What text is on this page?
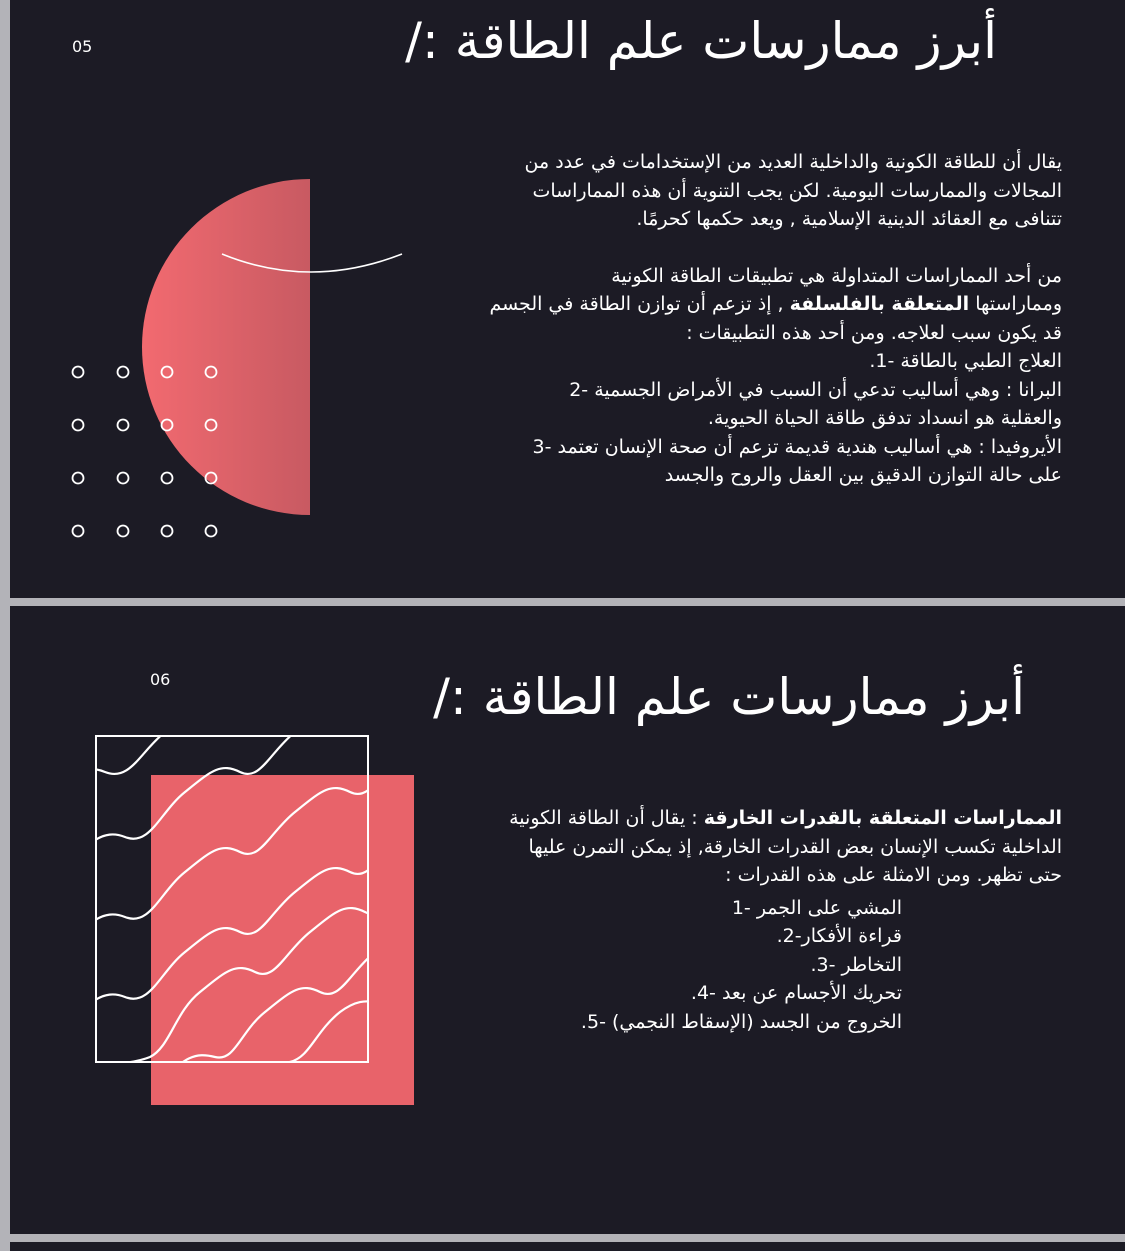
05	أبرز ممارسات علم الطاقة :/

يقال أن للطاقة الكونية والداخلية العديد من الإستخدامات في عدد من

المجالات والممارسات اليومية. لكن يجب التنوية أن هذه المماراسات

تتنافى مع العقائد الدينية الإسلامية , ويعد حكمها كحرمًا.

من أحد المماراسات المتداولة هي تطبيقات الطاقة الكونية

ومماراستها المتعلقة بالفلسلفة , إذ تزعم أن توازن الطاقة في الجسم

قد يكون سبب لعلاجه. ومن أحد هذه التطبيقات :

العلاج الطبي بالطاقة -1.

البرانا : وهي أساليب تدعي أن السبب في الأمراض الجسمية -2

والعقلية هو انسداد تدفق طاقة الحياة الحيوية.

الأيروفيدا : هي أساليب هندية قديمة تزعم أن صحة الإنسان تعتمد -3

على حالة التوازن الدقيق بين العقل والروح والجسد

06	أبرز ممارسات علم الطاقة :/

المماراسات المتعلقة بالقدرات الخارقة : يقال أن الطاقة الكونية

الداخلية تكسب الإنسان بعض القدرات الخارقة, إذ يمكن التمرن عليها

حتى تظهر. ومن الامثلة على هذه القدرات :

المشي على الجمر -1

قراءة الأفكار-2.

التخاطر -3.

تحريك الأجسام عن بعد -4.

الخروج من الجسد (الإسقاط النجمي) -5.
